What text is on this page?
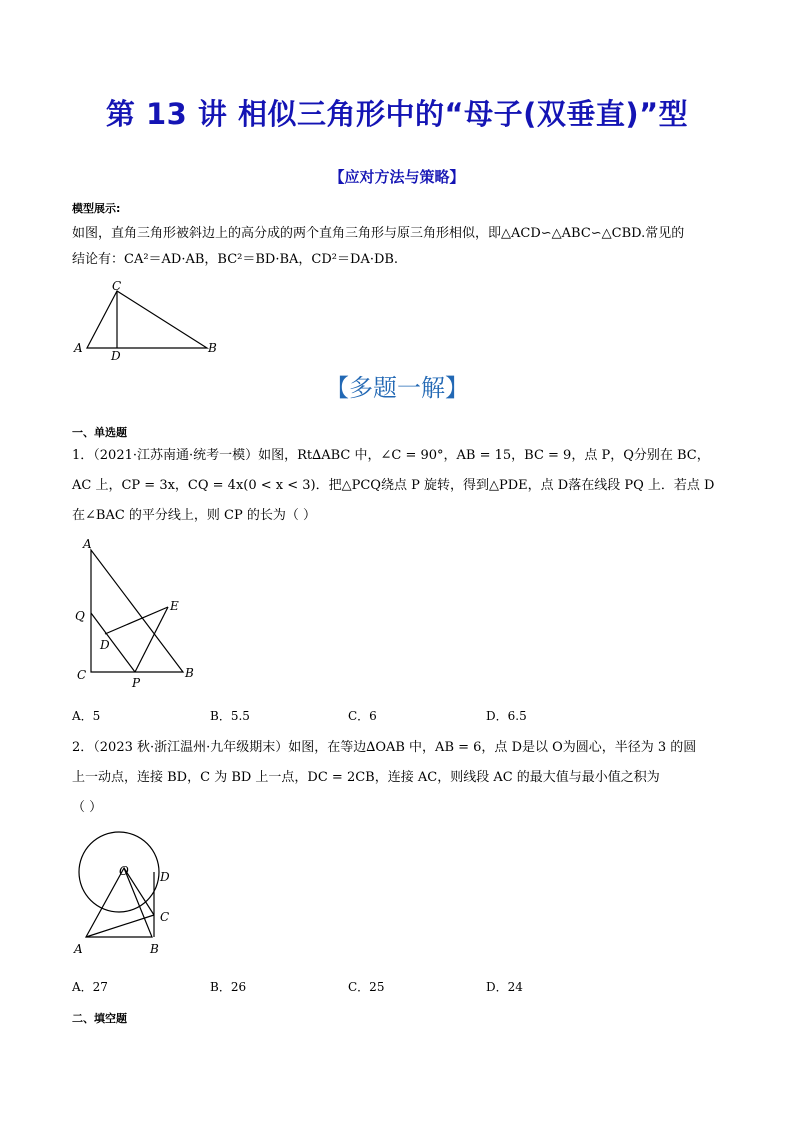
第 13 讲 相似三角形中的“母子(双垂直)”型
【应对方法与策略】
模型展示:
如图，直角三角形被斜边上的高分成的两个直角三角形与原三角形相似，即△ACD∽△ABC∽△CBD.常见的
结论有：CA²＝AD·AB，BC²＝BD·BA，CD²＝DA·DB.
C
A
D
B
【多题一解】
一、单选题
1．（2021·江苏南通·统考一模）如图，Rt∆ABC 中，∠C = 90°，AB = 15，BC = 9，点 P，Q分别在 BC，
AC 上，CP = 3x，CQ = 4x(0 < x < 3)．把△PCQ绕点 P 旋转，得到△PDE，点 D落在线段 PQ 上．若点 D
在∠BAC 的平分线上，则 CP 的长为（ ）
A
Q
E
D
C
P
B
A．5	B．5.5	C．6	D．6.5
2．（2023 秋·浙江温州·九年级期末）如图，在等边∆OAB 中，AB = 6，点 D是以 O为圆心，半径为 3 的圆
上一动点，连接 BD，C 为 BD 上一点，DC = 2CB，连接 AC，则线段 AC 的最大值与最小值之积为
（ ）
O	D
C
A	B
A．27	B．26	C．25	D．24
二、填空题
